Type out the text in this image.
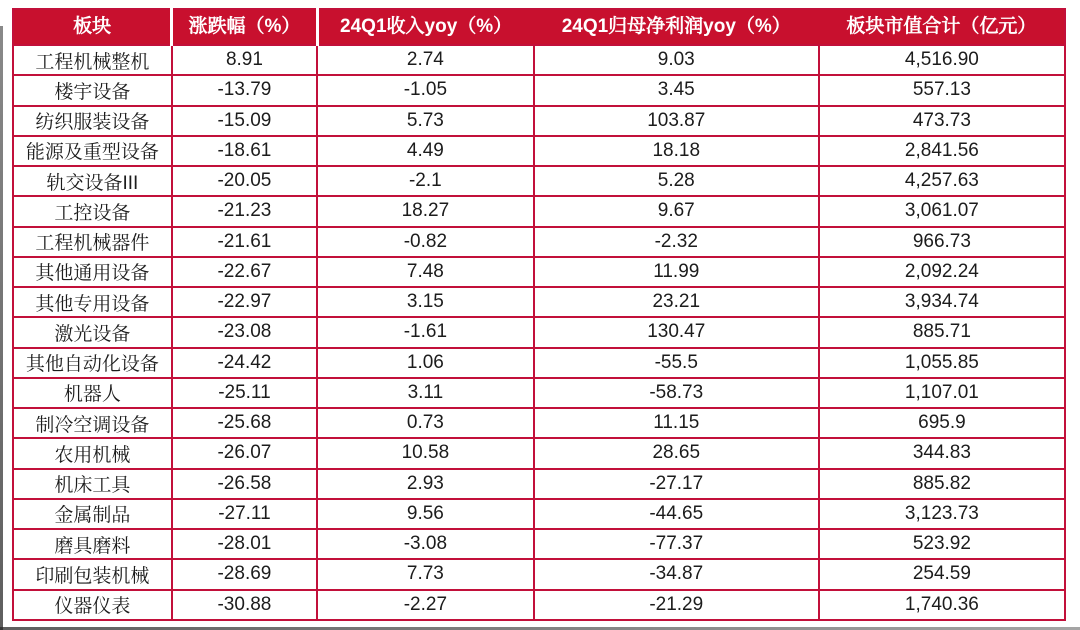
板块	涨跌幅（%）	24Q1收入yoy（%）	24Q1归母净利润yoy（%）	板块市值合计（亿元）
工程机械整机	8.91	2.74	9.03	4,516.90
楼宇设备	-13.79	-1.05	3.45	557.13
纺织服装设备	-15.09	5.73	103.87	473.73
能源及重型设备	-18.61	4.49	18.18	2,841.56
轨交设备III	-20.05	-2.1	5.28	4,257.63
工控设备	-21.23	18.27	9.67	3,061.07
工程机械器件	-21.61	-0.82	-2.32	966.73
其他通用设备	-22.67	7.48	11.99	2,092.24
其他专用设备	-22.97	3.15	23.21	3,934.74
激光设备	-23.08	-1.61	130.47	885.71
其他自动化设备	-24.42	1.06	-55.5	1,055.85
机器人	-25.11	3.11	-58.73	1,107.01
制冷空调设备	-25.68	0.73	11.15	695.9
农用机械	-26.07	10.58	28.65	344.83
机床工具	-26.58	2.93	-27.17	885.82
金属制品	-27.11	9.56	-44.65	3,123.73
磨具磨料	-28.01	-3.08	-77.37	523.92
印刷包装机械	-28.69	7.73	-34.87	254.59
仪器仪表	-30.88	-2.27	-21.29	1,740.36
